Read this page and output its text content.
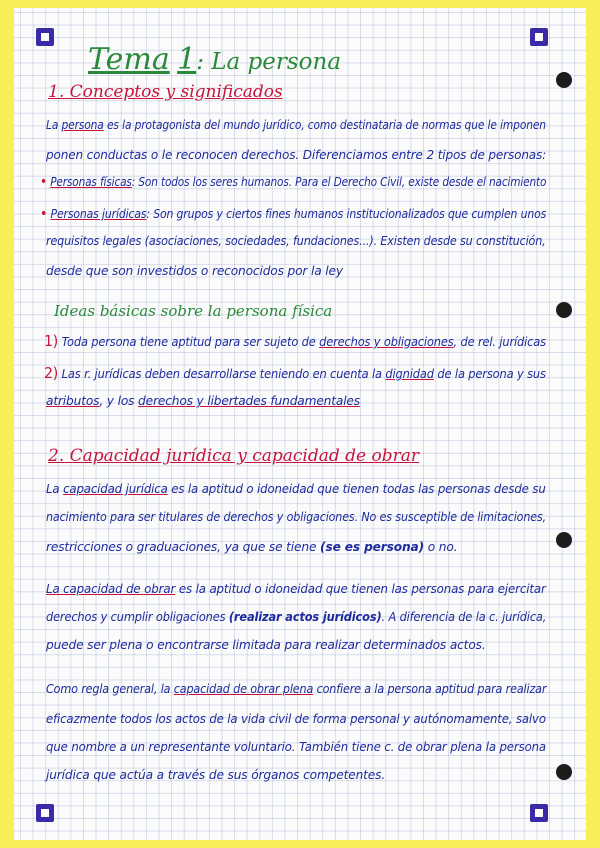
Tema 1: La persona

1. Conceptos y significados

La persona es la protagonista del mundo jurídico, como destinataria de normas que le imponen

ponen conductas o le reconocen derechos. Diferenciamos entre 2 tipos de personas:

• Personas físicas: Son todos los seres humanos. Para el Derecho Civil, existe desde el nacimiento

• Personas jurídicas: Son grupos y ciertos fines humanos institucionalizados que cumplen unos

requisitos legales (asociaciones, sociedades, fundaciones...). Existen desde su constitución,

desde que son investidos o reconocidos por la ley

Ideas básicas sobre la persona física

1) Toda persona tiene aptitud para ser sujeto de derechos y obligaciones, de rel. jurídicas

2) Las r. jurídicas deben desarrollarse teniendo en cuenta la dignidad de la persona y sus

atributos, y los derechos y libertades fundamentales

2. Capacidad jurídica y capacidad de obrar

La capacidad jurídica es la aptitud o idoneidad que tienen todas las personas desde su

nacimiento para ser titulares de derechos y obligaciones. No es susceptible de limitaciones,

restricciones o graduaciones, ya que se tiene (se es persona) o no.

La capacidad de obrar es la aptitud o idoneidad que tienen las personas para ejercitar

derechos y cumplir obligaciones (realizar actos jurídicos). A diferencia de la c. jurídica,

puede ser plena o encontrarse limitada para realizar determinados actos.

Como regla general, la capacidad de obrar plena confiere a la persona aptitud para realizar

eficazmente todos los actos de la vida civil de forma personal y autónomamente, salvo

que nombre a un representante voluntario. También tiene c. de obrar plena la persona

jurídica que actúa a través de sus órganos competentes.
